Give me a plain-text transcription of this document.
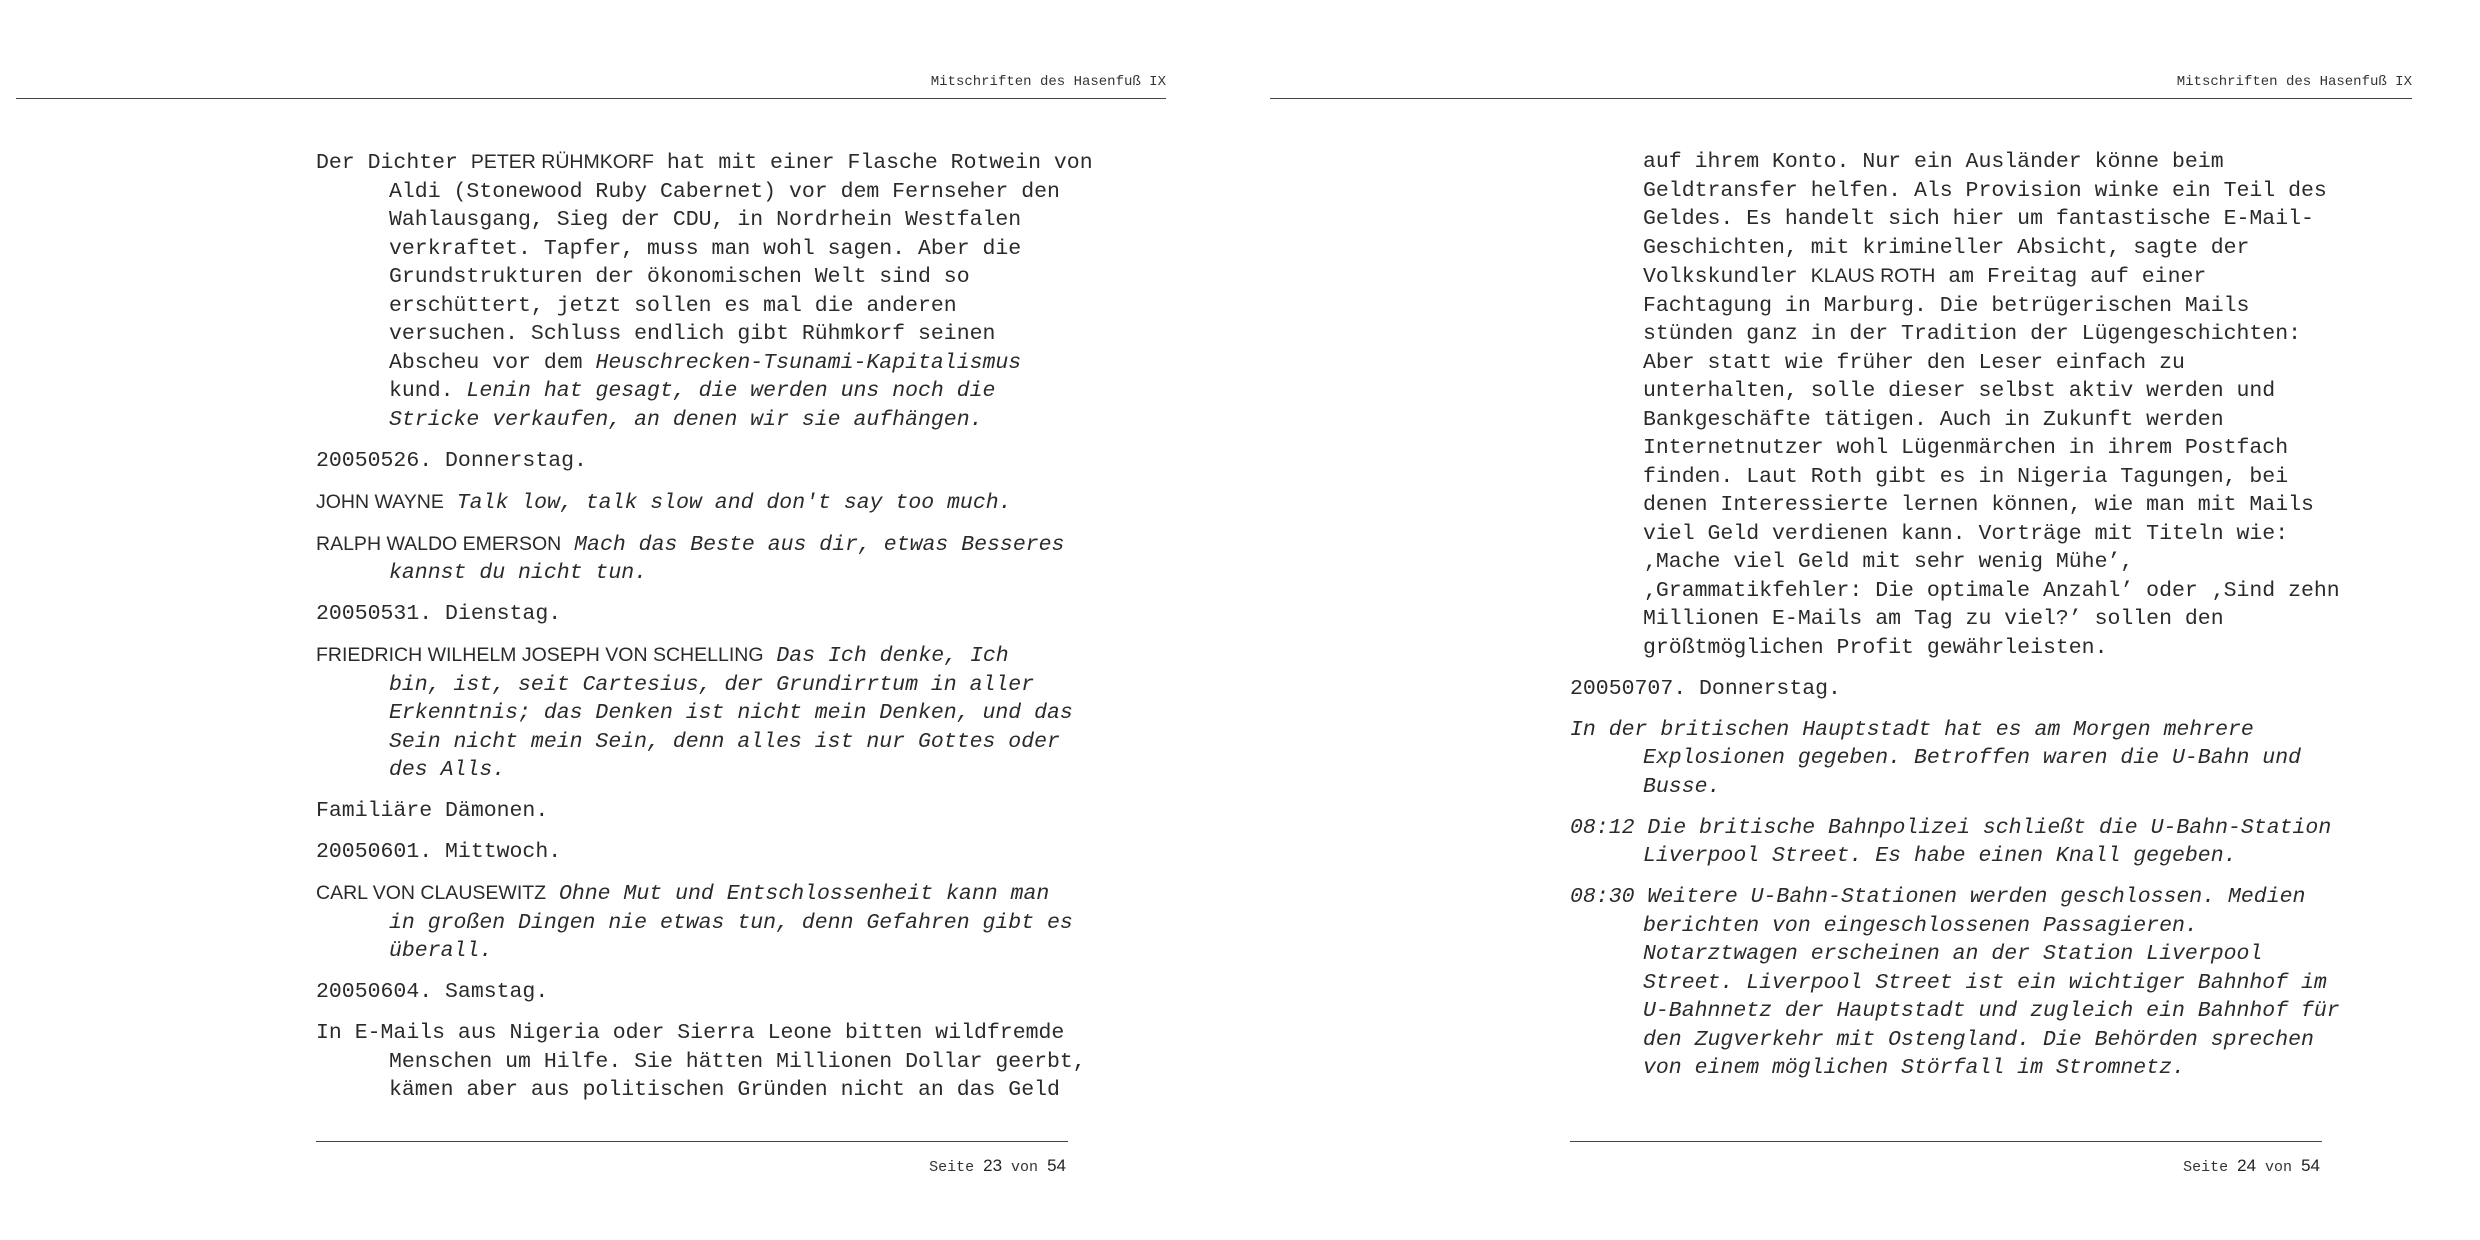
Mitschriften des Hasenfuß IX

Der Dichter PETER RÜHMKORF hat mit einer Flasche Rotwein von
Aldi (Stonewood Ruby Cabernet) vor dem Fernseher den
Wahlausgang, Sieg der CDU, in Nordrhein Westfalen
verkraftet. Tapfer, muss man wohl sagen. Aber die
Grundstrukturen der ökonomischen Welt sind so
erschüttert, jetzt sollen es mal die anderen
versuchen. Schluss endlich gibt Rühmkorf seinen
Abscheu vor dem Heuschrecken-Tsunami-Kapitalismus
kund. Lenin hat gesagt, die werden uns noch die
Stricke verkaufen, an denen wir sie aufhängen.

20050526. Donnerstag.

JOHN WAYNE Talk low, talk slow and don't say too much.

RALPH WALDO EMERSON Mach das Beste aus dir, etwas Besseres
kannst du nicht tun.

20050531. Dienstag.

FRIEDRICH WILHELM JOSEPH VON SCHELLING Das Ich denke, Ich
bin, ist, seit Cartesius, der Grundirrtum in aller
Erkenntnis; das Denken ist nicht mein Denken, und das
Sein nicht mein Sein, denn alles ist nur Gottes oder
des Alls.

Familiäre Dämonen.

20050601. Mittwoch.

CARL VON CLAUSEWITZ Ohne Mut und Entschlossenheit kann man
in großen Dingen nie etwas tun, denn Gefahren gibt es
überall.

20050604. Samstag.

In E-Mails aus Nigeria oder Sierra Leone bitten wildfremde
Menschen um Hilfe. Sie hätten Millionen Dollar geerbt,
kämen aber aus politischen Gründen nicht an das Geld

Seite 23 von 54
Mitschriften des Hasenfuß IX

auf ihrem Konto. Nur ein Ausländer könne beim
Geldtransfer helfen. Als Provision winke ein Teil des
Geldes. Es handelt sich hier um fantastische E-Mail-
Geschichten, mit krimineller Absicht, sagte der
Volkskundler KLAUS ROTH am Freitag auf einer
Fachtagung in Marburg. Die betrügerischen Mails
stünden ganz in der Tradition der Lügengeschichten:
Aber statt wie früher den Leser einfach zu
unterhalten, solle dieser selbst aktiv werden und
Bankgeschäfte tätigen. Auch in Zukunft werden
Internetnutzer wohl Lügenmärchen in ihrem Postfach
finden. Laut Roth gibt es in Nigeria Tagungen, bei
denen Interessierte lernen können, wie man mit Mails
viel Geld verdienen kann. Vorträge mit Titeln wie:
‚Mache viel Geld mit sehr wenig Mühe’,
‚Grammatikfehler: Die optimale Anzahl’ oder ‚Sind zehn
Millionen E-Mails am Tag zu viel?’ sollen den
größtmöglichen Profit gewährleisten.

20050707. Donnerstag.

In der britischen Hauptstadt hat es am Morgen mehrere
Explosionen gegeben. Betroffen waren die U-Bahn und
Busse.

08:12 Die britische Bahnpolizei schließt die U-Bahn-Station
Liverpool Street. Es habe einen Knall gegeben.

08:30 Weitere U-Bahn-Stationen werden geschlossen. Medien
berichten von eingeschlossenen Passagieren.
Notarztwagen erscheinen an der Station Liverpool
Street. Liverpool Street ist ein wichtiger Bahnhof im
U-Bahnnetz der Hauptstadt und zugleich ein Bahnhof für
den Zugverkehr mit Ostengland. Die Behörden sprechen
von einem möglichen Störfall im Stromnetz.

Seite 24 von 54
